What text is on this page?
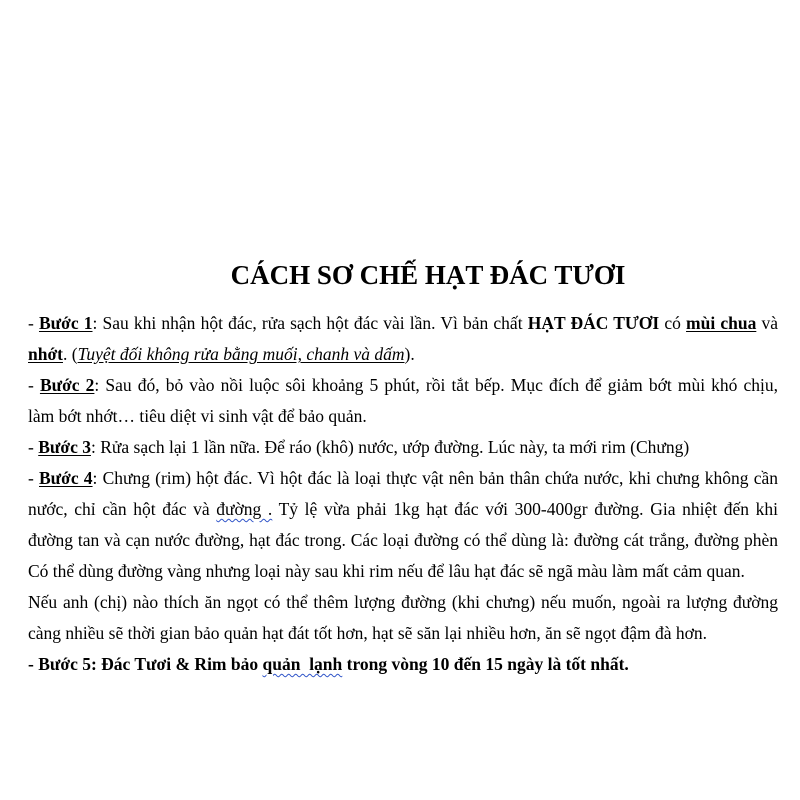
CÁCH SƠ CHẾ HẠT ĐÁC TƯƠI
- Bước 1: Sau khi nhận hột đác, rửa sạch hột đác vài lần. Vì bản chất HẠT ĐÁC TƯƠI có mùi chua và
nhớt. (Tuyệt đối không rửa bằng muối, chanh và dấm).
- Bước 2: Sau đó, bỏ vào nồi luộc sôi khoảng 5 phút, rồi tắt bếp. Mục đích để giảm bớt mùi khó chịu,
làm bớt nhớt… tiêu diệt vi sinh vật để bảo quản.
- Bước 3: Rửa sạch lại 1 lần nữa. Để ráo (khô) nước, ướp đường. Lúc này, ta mới rim (Chưng)
- Bước 4: Chưng (rim) hột đác. Vì hột đác là loại thực vật nên bản thân chứa nước, khi chưng không cần
nước, chỉ cần hột đác và đường . Tỷ lệ vừa phải 1kg hạt đác với 300-400gr đường. Gia nhiệt đến khi
đường tan và cạn nước đường, hạt đác trong. Các loại đường có thể dùng là: đường cát trắng, đường phèn
Có thể dùng đường vàng nhưng loại này sau khi rim nếu để lâu hạt đác sẽ ngã màu làm mất cảm quan.
Nếu anh (chị) nào thích ăn ngọt có thể thêm lượng đường (khi chưng) nếu muốn, ngoài ra lượng đường
càng nhiều sẽ thời gian bảo quản hạt đát tốt hơn, hạt sẽ săn lại nhiều hơn, ăn sẽ ngọt đậm đà hơn.
- Bước 5: Đác Tươi & Rim bảo quản  lạnh trong vòng 10 đến 15 ngày là tốt nhất.
